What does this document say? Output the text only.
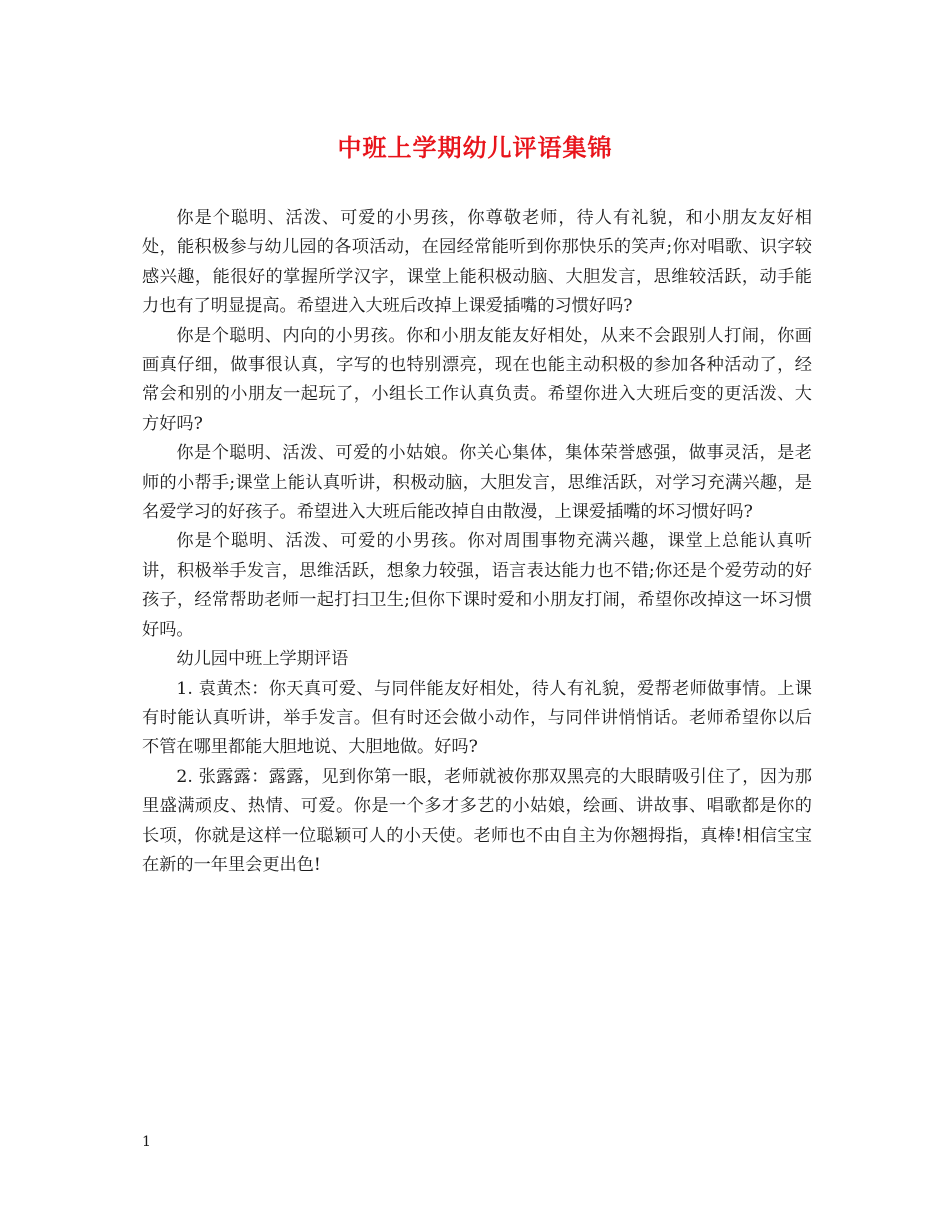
中班上学期幼儿评语集锦

你是个聪明、活泼、可爱的小男孩，你尊敬老师，待人有礼貌，和小朋友友好相处，能积极参与幼儿园的各项活动，在园经常能听到你那快乐的笑声;你对唱歌、识字较感兴趣，能很好的掌握所学汉字，课堂上能积极动脑、大胆发言，思维较活跃，动手能力也有了明显提高。希望进入大班后改掉上课爱插嘴的习惯好吗?

你是个聪明、内向的小男孩。你和小朋友能友好相处，从来不会跟别人打闹，你画画真仔细，做事很认真，字写的也特别漂亮，现在也能主动积极的参加各种活动了，经常会和别的小朋友一起玩了，小组长工作认真负责。希望你进入大班后变的更活泼、大方好吗?

你是个聪明、活泼、可爱的小姑娘。你关心集体，集体荣誉感强，做事灵活，是老师的小帮手;课堂上能认真听讲，积极动脑，大胆发言，思维活跃，对学习充满兴趣，是名爱学习的好孩子。希望进入大班后能改掉自由散漫，上课爱插嘴的坏习惯好吗?

你是个聪明、活泼、可爱的小男孩。你对周围事物充满兴趣，课堂上总能认真听讲，积极举手发言，思维活跃，想象力较强，语言表达能力也不错;你还是个爱劳动的好孩子，经常帮助老师一起打扫卫生;但你下课时爱和小朋友打闹，希望你改掉这一坏习惯好吗。

幼儿园中班上学期评语

1. 袁黄杰：你天真可爱、与同伴能友好相处，待人有礼貌，爱帮老师做事情。上课有时能认真听讲，举手发言。但有时还会做小动作，与同伴讲悄悄话。老师希望你以后不管在哪里都能大胆地说、大胆地做。好吗?

2. 张露露：露露，见到你第一眼，老师就被你那双黑亮的大眼睛吸引住了，因为那里盛满顽皮、热情、可爱。你是一个多才多艺的小姑娘，绘画、讲故事、唱歌都是你的长项，你就是这样一位聪颖可人的小天使。老师也不由自主为你翘拇指，真棒!相信宝宝在新的一年里会更出色!

1
